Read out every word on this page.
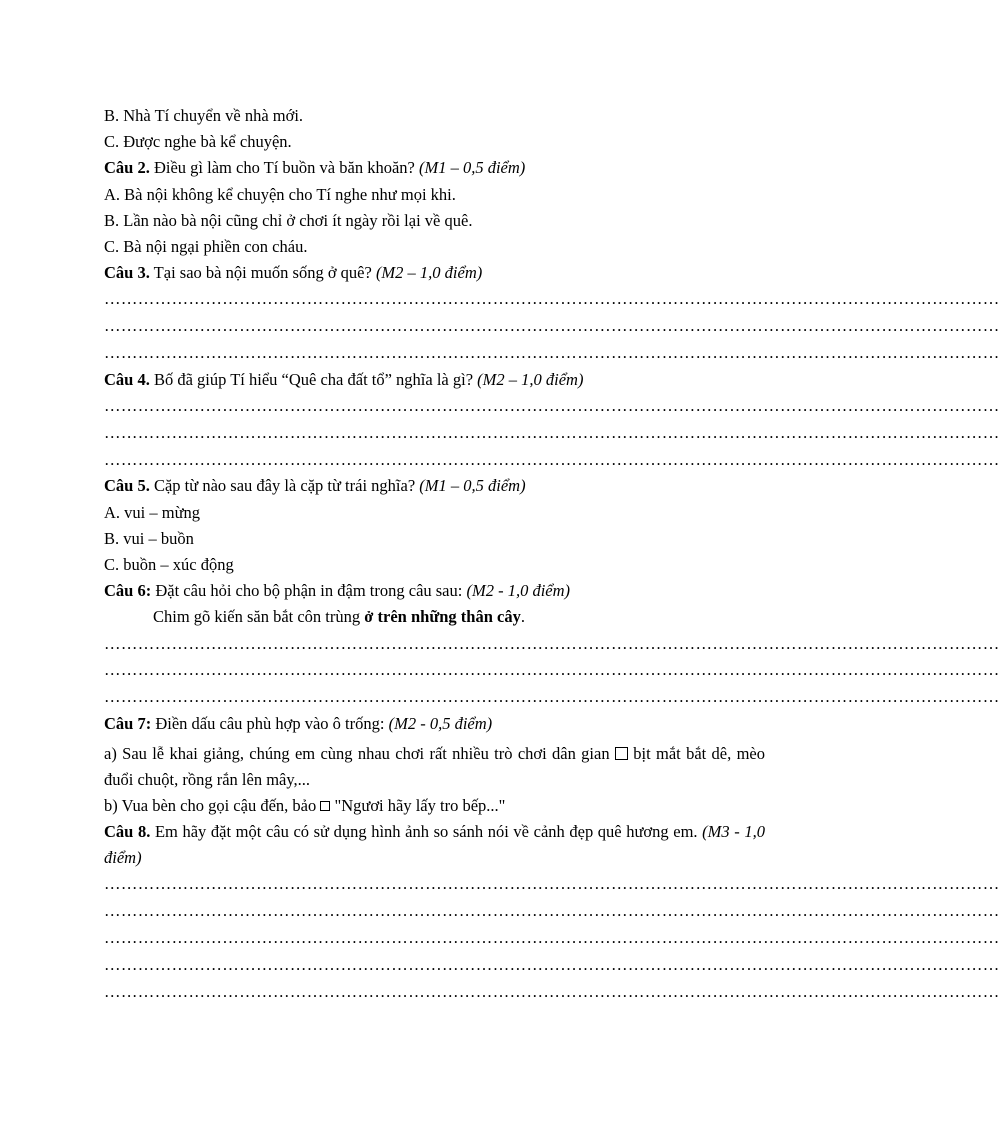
B. Nhà Tí chuyển về nhà mới.
C. Được nghe bà kể chuyện.
Câu 2. Điều gì làm cho Tí buồn và băn khoăn? (M1 – 0,5 điểm)
A. Bà nội không kể chuyện cho Tí nghe như mọi khi.
B. Lần nào bà nội cũng chỉ ở chơi ít ngày rồi lại về quê.
C. Bà nội ngại phiền con cháu.
Câu 3. Tại sao bà nội muốn sống ở quê? (M2 – 1,0 điểm)
……………………………………………………………………………………………………………………………………………
……………………………………………………………………………………………………………………………………………
……………………………………………………………………………………………………………………………………………
Câu 4. Bố đã giúp Tí hiểu “Quê cha đất tổ” nghĩa là gì? (M2 – 1,0 điểm)
……………………………………………………………………………………………………………………………………………
……………………………………………………………………………………………………………………………………………
……………………………………………………………………………………………………………………………………………
Câu 5. Cặp từ nào sau đây là cặp từ trái nghĩa? (M1 – 0,5 điểm)
A. vui – mừng
B. vui – buồn
C. buồn – xúc động
Câu 6: Đặt câu hỏi cho bộ phận in đậm trong câu sau: (M2 - 1,0 điểm)
Chim gõ kiến săn bắt côn trùng ở trên những thân cây.
……………………………………………………………………………………………………………………………………………
……………………………………………………………………………………………………………………………………………
……………………………………………………………………………………………………………………………………………
Câu 7: Điền dấu câu phù hợp vào ô trống: (M2 - 0,5 điểm)
a) Sau lễ khai giảng, chúng em cùng nhau chơi rất nhiều trò chơi dân gian  bịt mắt bắt dê, mèo đuổi chuột, rồng rắn lên mây,...
b) Vua bèn cho gọi cậu đến, bảo  "Ngươi hãy lấy tro bếp..."
Câu 8. Em hãy đặt một câu có sử dụng hình ảnh so sánh nói về cảnh đẹp quê hương em. (M3 - 1,0 điểm)
……………………………………………………………………………………………………………………………………………
……………………………………………………………………………………………………………………………………………
……………………………………………………………………………………………………………………………………………
……………………………………………………………………………………………………………………………………………
……………………………………………………………………………………………………………………………………………
